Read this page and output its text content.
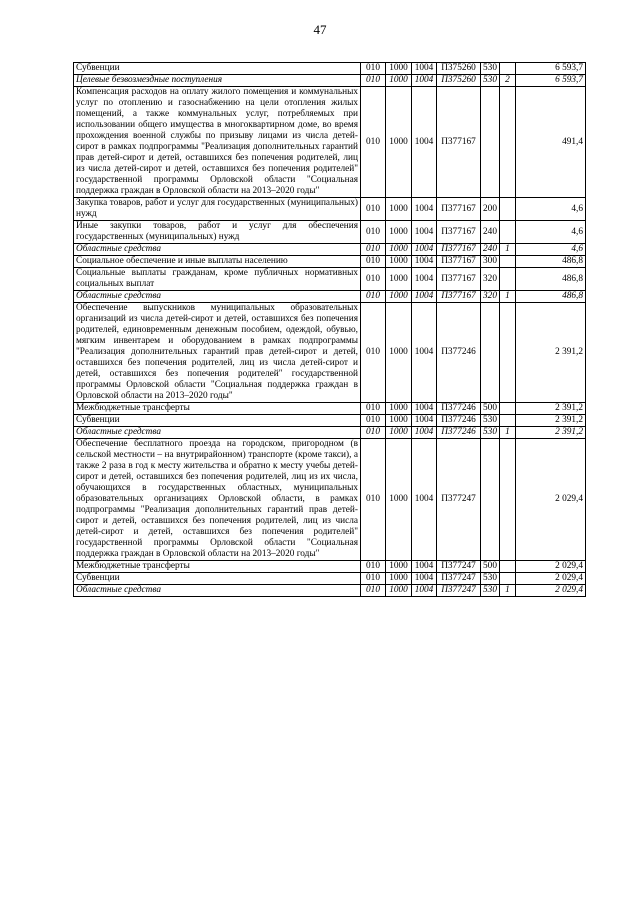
47
Субвенции	010	1000	1004	П375260	530		6 593,7
Целевые безвозмездные поступления	010	1000	1004	П375260	530	2	6 593,7
Компенсация расходов на оплату жилого помещения и коммунальных услуг по отоплению и газоснабжению на цели отопления жилых помещений, а также коммунальных услуг, потребляемых при использовании общего имущества в многоквартирном доме, во время прохождения военной службы по призыву лицами из числа детей-сирот в рамках подпрограммы "Реализация дополнительных гарантий прав детей-сирот и детей, оставшихся без попечения родителей, лиц из числа детей-сирот и детей, оставшихся без попечения родителей" государственной программы Орловской области "Социальная поддержка граждан в Орловской области на 2013–2020 годы"	010	1000	1004	П377167			491,4
Закупка товаров, работ и услуг для государственных (муниципальных) нужд	010	1000	1004	П377167	200		4,6
Иные закупки товаров, работ и услуг для обеспечения государственных (муниципальных) нужд	010	1000	1004	П377167	240		4,6
Областные средства	010	1000	1004	П377167	240	1	4,6
Социальное обеспечение и иные выплаты населению	010	1000	1004	П377167	300		486,8
Социальные выплаты гражданам, кроме публичных нормативных социальных выплат	010	1000	1004	П377167	320		486,8
Областные средства	010	1000	1004	П377167	320	1	486,8
Обеспечение выпускников муниципальных образовательных организаций из числа детей-сирот и детей, оставшихся без попечения родителей, единовременным денежным пособием, одеждой, обувью, мягким инвентарем и оборудованием в рамках подпрограммы "Реализация дополнительных гарантий прав детей-сирот и детей, оставшихся без попечения родителей, лиц из числа детей-сирот и детей, оставшихся без попечения родителей" государственной программы Орловской области "Социальная поддержка граждан в Орловской области на 2013–2020 годы"	010	1000	1004	П377246			2 391,2
Межбюджетные трансферты	010	1000	1004	П377246	500		2 391,2
Субвенции	010	1000	1004	П377246	530		2 391,2
Областные средства	010	1000	1004	П377246	530	1	2 391,2
Обеспечение бесплатного проезда на городском, пригородном (в сельской местности – на внутрирайонном) транспорте (кроме такси), а также 2 раза в год к месту жительства и обратно к месту учебы детей-сирот и детей, оставшихся без попечения родителей, лиц из их числа, обучающихся в государственных областных, муниципальных образовательных организациях Орловской области, в рамках подпрограммы "Реализация дополнительных гарантий прав детей-сирот и детей, оставшихся без попечения родителей, лиц из числа детей-сирот и детей, оставшихся без попечения родителей" государственной программы Орловской области "Социальная поддержка граждан в Орловской области на 2013–2020 годы"	010	1000	1004	П377247			2 029,4
Межбюджетные трансферты	010	1000	1004	П377247	500		2 029,4
Субвенции	010	1000	1004	П377247	530		2 029,4
Областные средства	010	1000	1004	П377247	530	1	2 029,4
